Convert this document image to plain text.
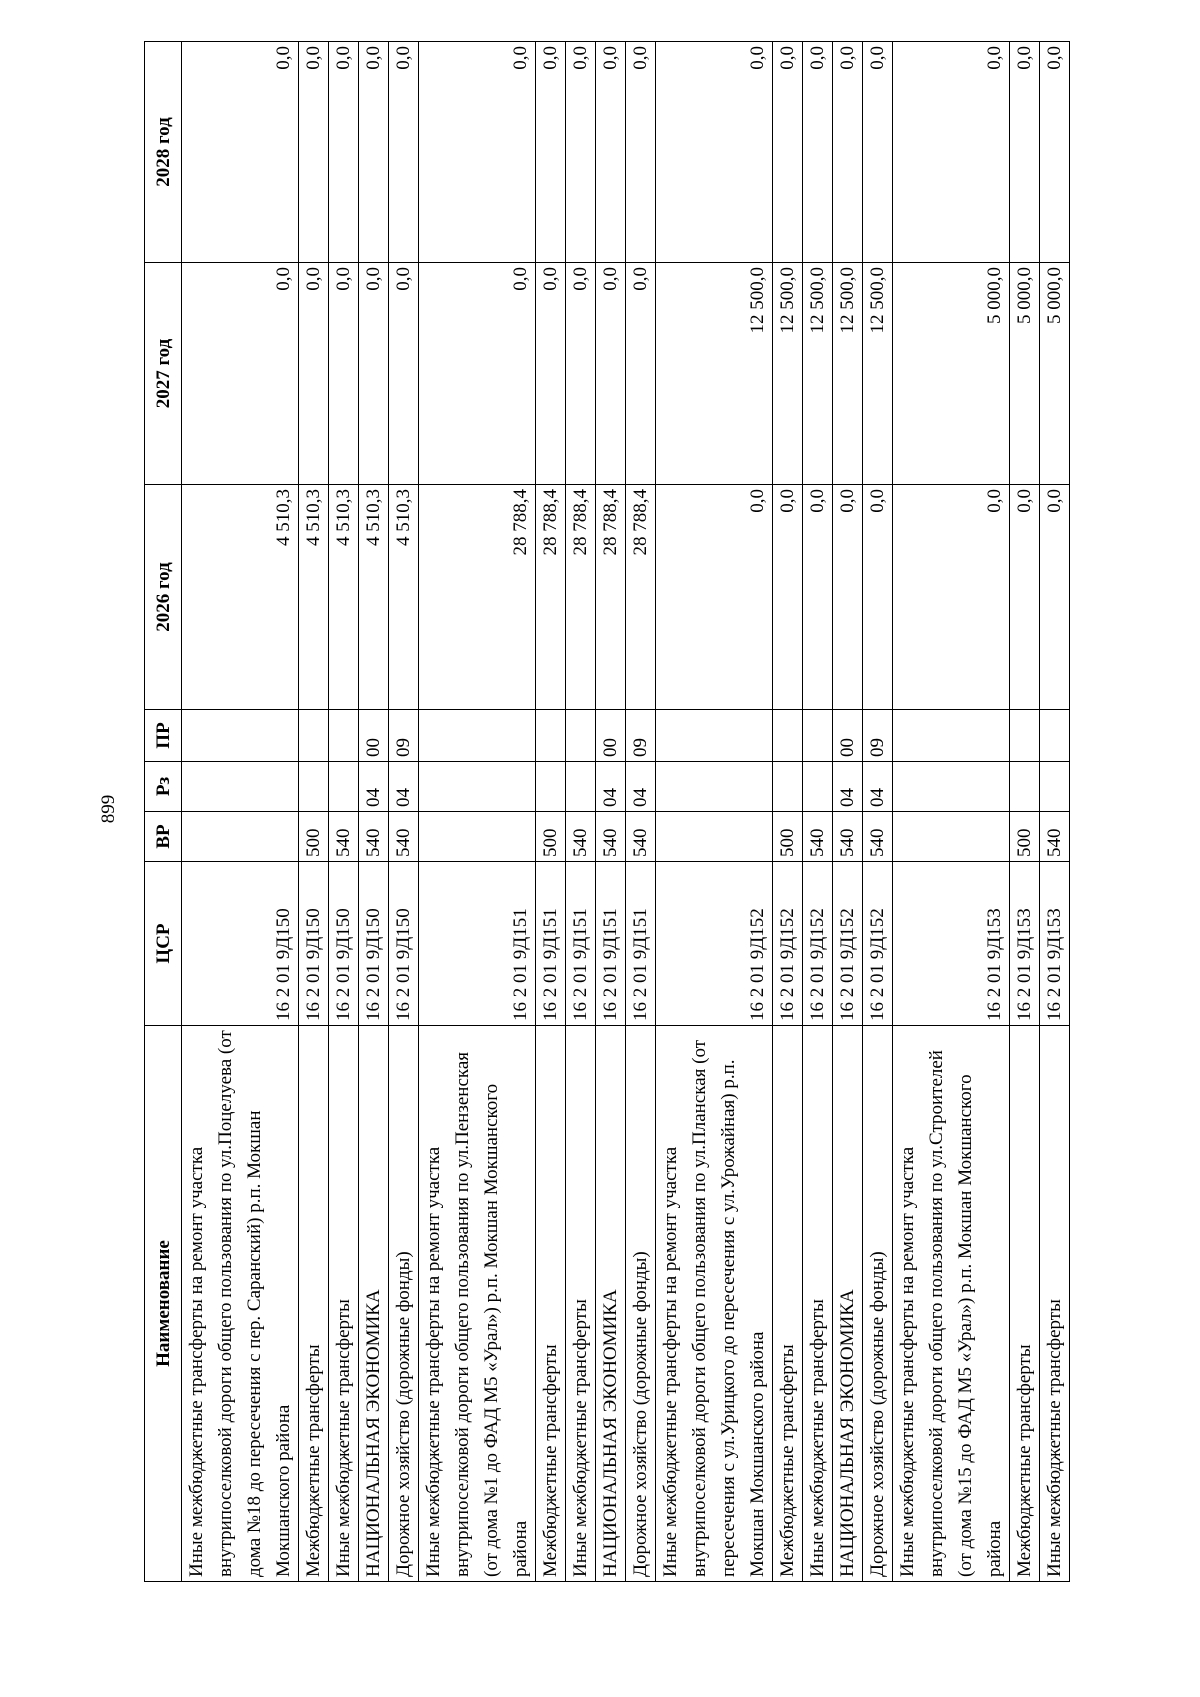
899
Наименование	ЦСР	ВР	Рз	ПР	2026 год	2027 год	2028 год
Иные межбюджетные трансферты на ремонт участка внутрипоселковой дороги общего пользования по ул.Поцелуева (от дома №18 до пересечения с пер. Саранский) р.п. Мокшан Мокшанского района	16 2 01 9Д150				4 510,3	0,0	0,0
Межбюджетные трансферты	16 2 01 9Д150	500			4 510,3	0,0	0,0
Иные межбюджетные трансферты	16 2 01 9Д150	540			4 510,3	0,0	0,0
НАЦИОНАЛЬНАЯ ЭКОНОМИКА	16 2 01 9Д150	540	04	00	4 510,3	0,0	0,0
Дорожное хозяйство (дорожные фонды)	16 2 01 9Д150	540	04	09	4 510,3	0,0	0,0
Иные межбюджетные трансферты на ремонт участка внутрипоселковой дороги общего пользования по ул.Пензенская (от дома №1 до ФАД М5 «Урал») р.п. Мокшан Мокшанского района	16 2 01 9Д151				28 788,4	0,0	0,0
Межбюджетные трансферты	16 2 01 9Д151	500			28 788,4	0,0	0,0
Иные межбюджетные трансферты	16 2 01 9Д151	540			28 788,4	0,0	0,0
НАЦИОНАЛЬНАЯ ЭКОНОМИКА	16 2 01 9Д151	540	04	00	28 788,4	0,0	0,0
Дорожное хозяйство (дорожные фонды)	16 2 01 9Д151	540	04	09	28 788,4	0,0	0,0
Иные межбюджетные трансферты на ремонт участка внутрипоселковой дороги общего пользования по ул.Планская (от пересечения с ул.Урицкого до пересечения с ул.Урожайная) р.п. Мокшан Мокшанского района	16 2 01 9Д152				0,0	12 500,0	0,0
Межбюджетные трансферты	16 2 01 9Д152	500			0,0	12 500,0	0,0
Иные межбюджетные трансферты	16 2 01 9Д152	540			0,0	12 500,0	0,0
НАЦИОНАЛЬНАЯ ЭКОНОМИКА	16 2 01 9Д152	540	04	00	0,0	12 500,0	0,0
Дорожное хозяйство (дорожные фонды)	16 2 01 9Д152	540	04	09	0,0	12 500,0	0,0
Иные межбюджетные трансферты на ремонт участка внутрипоселковой дороги общего пользования по ул.Строителей (от дома №15 до ФАД М5 «Урал») р.п. Мокшан Мокшанского района	16 2 01 9Д153				0,0	5 000,0	0,0
Межбюджетные трансферты	16 2 01 9Д153	500			0,0	5 000,0	0,0
Иные межбюджетные трансферты	16 2 01 9Д153	540			0,0	5 000,0	0,0
